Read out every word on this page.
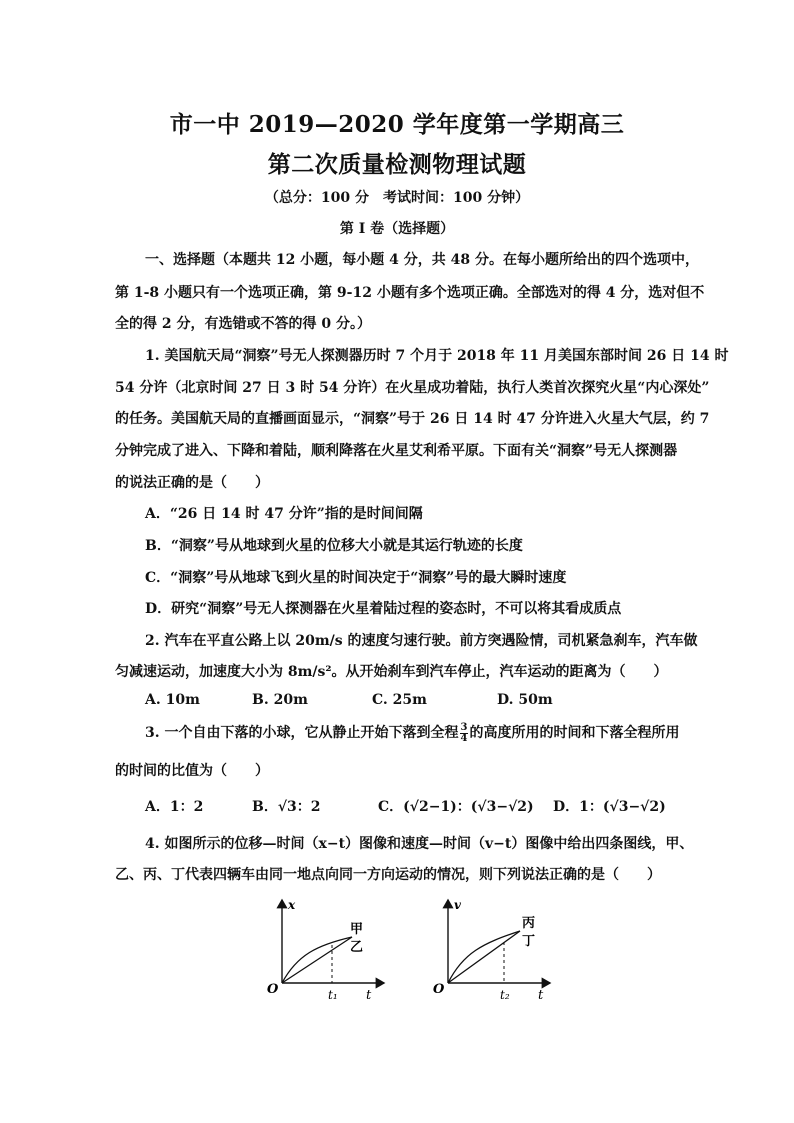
市一中 2019—2020 学年度第一学期高三
第二次质量检测物理试题
（总分：100 分　考试时间：100 分钟）
第 I 卷（选择题）
一、选择题（本题共 12 小题，每小题 4 分，共 48 分。在每小题所给出的四个选项中，
第 1-8 小题只有一个选项正确，第 9-12 小题有多个选项正确。全部选对的得 4 分，选对但不
全的得 2 分，有选错或不答的得 0 分。）
1. 美国航天局“洞察”号无人探测器历时 7 个月于 2018 年 11 月美国东部时间 26 日 14 时
54 分许（北京时间 27 日 3 时 54 分许）在火星成功着陆，执行人类首次探究火星“内心深处”
的任务。美国航天局的直播画面显示，“洞察”号于 26 日 14 时 47 分许进入火星大气层，约 7
分钟完成了进入、下降和着陆，顺利降落在火星艾利希平原。下面有关“洞察”号无人探测器
的说法正确的是（　　）
A．“26 日 14 时 47 分许”指的是时间间隔
B．“洞察”号从地球到火星的位移大小就是其运行轨迹的长度
C．“洞察”号从地球飞到火星的时间决定于“洞察”号的最大瞬时速度
D．研究“洞察”号无人探测器在火星着陆过程的姿态时，不可以将其看成质点
2. 汽车在平直公路上以 20m/s 的速度匀速行驶。前方突遇险情，司机紧急刹车，汽车做
匀减速运动，加速度大小为 8m/s²。从开始刹车到汽车停止，汽车运动的距离为（　　）
A. 10m	B. 20m	C. 25m	D. 50m
3. 一个自由下落的小球，它从静止开始下落到全程 $\frac{3}{4}$ 的高度所用的时间和下落全程所用
的时间的比值为（　　）
A．1：2	B．√3：2	C．(√2−1)：(√3−√2) D．1：(√3−√2)
4. 如图所示的位移—时间（x−t）图像和速度—时间（v−t）图像中给出四条图线，甲、
乙、丙、丁代表四辆车由同一地点向同一方向运动的情况，则下列说法正确的是（　　）
x
t
O	t₁
甲
乙
v
t
O	t₂
丙
丁
